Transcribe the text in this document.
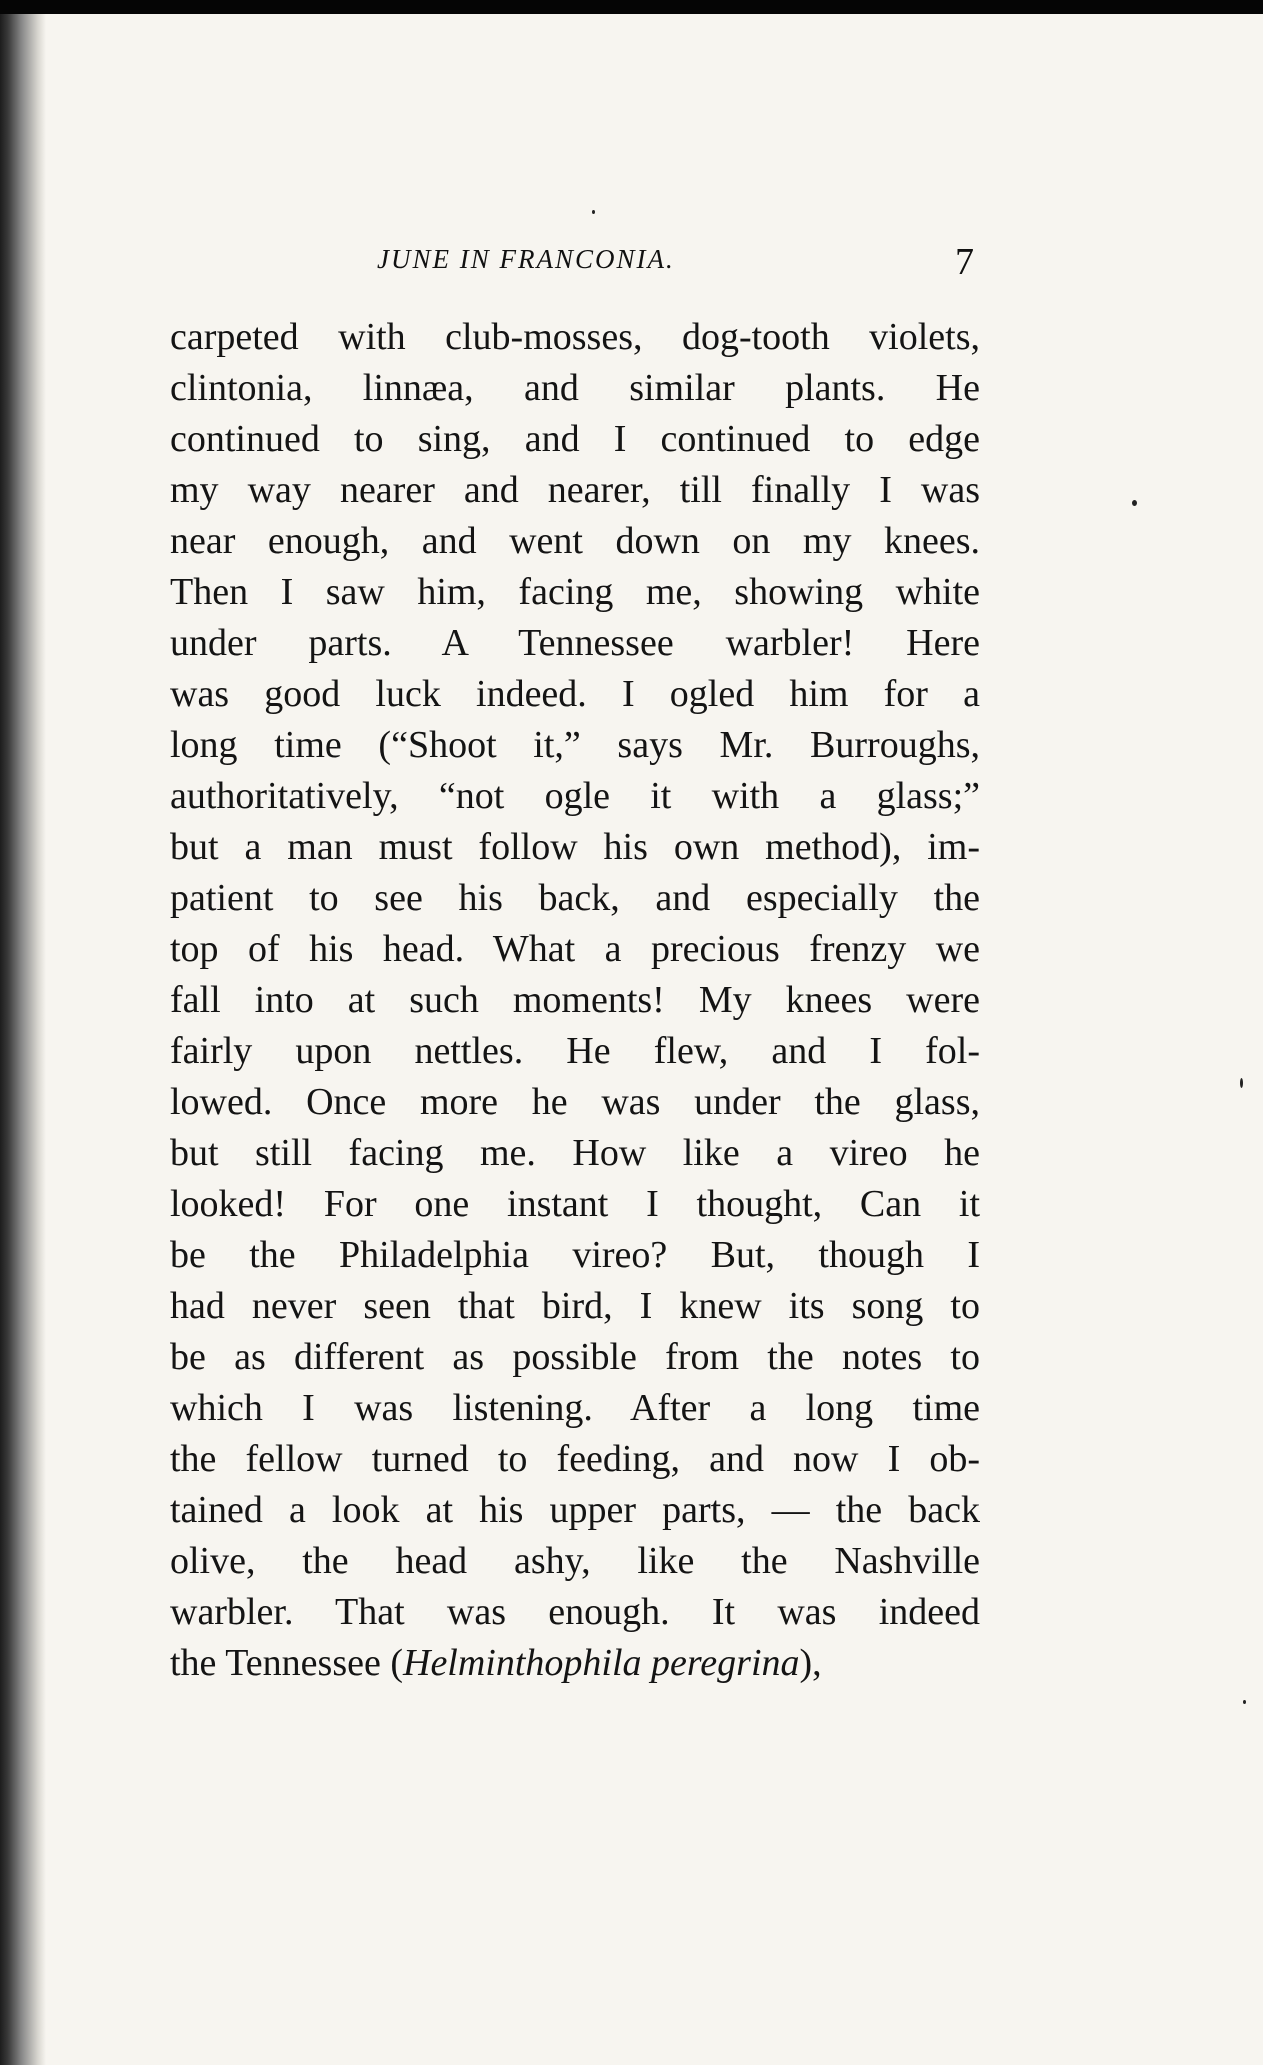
JUNE IN FRANCONIA.	7
carpeted with club-mosses, dog-tooth violets,
clintonia, linnæa, and similar plants. He
continued to sing, and I continued to edge
my way nearer and nearer, till finally I was
near enough, and went down on my knees.
Then I saw him, facing me, showing white
under parts. A Tennessee warbler! Here
was good luck indeed. I ogled him for a
long time (“Shoot it,” says Mr. Burroughs,
authoritatively, “not ogle it with a glass;”
but a man must follow his own method), im-
patient to see his back, and especially the
top of his head. What a precious frenzy we
fall into at such moments! My knees were
fairly upon nettles. He flew, and I fol-
lowed. Once more he was under the glass,
but still facing me. How like a vireo he
looked! For one instant I thought, Can it
be the Philadelphia vireo? But, though I
had never seen that bird, I knew its song to
be as different as possible from the notes to
which I was listening. After a long time
the fellow turned to feeding, and now I ob-
tained a look at his upper parts, — the back
olive, the head ashy, like the Nashville
warbler. That was enough. It was indeed
the Tennessee (Helminthophila peregrina),
